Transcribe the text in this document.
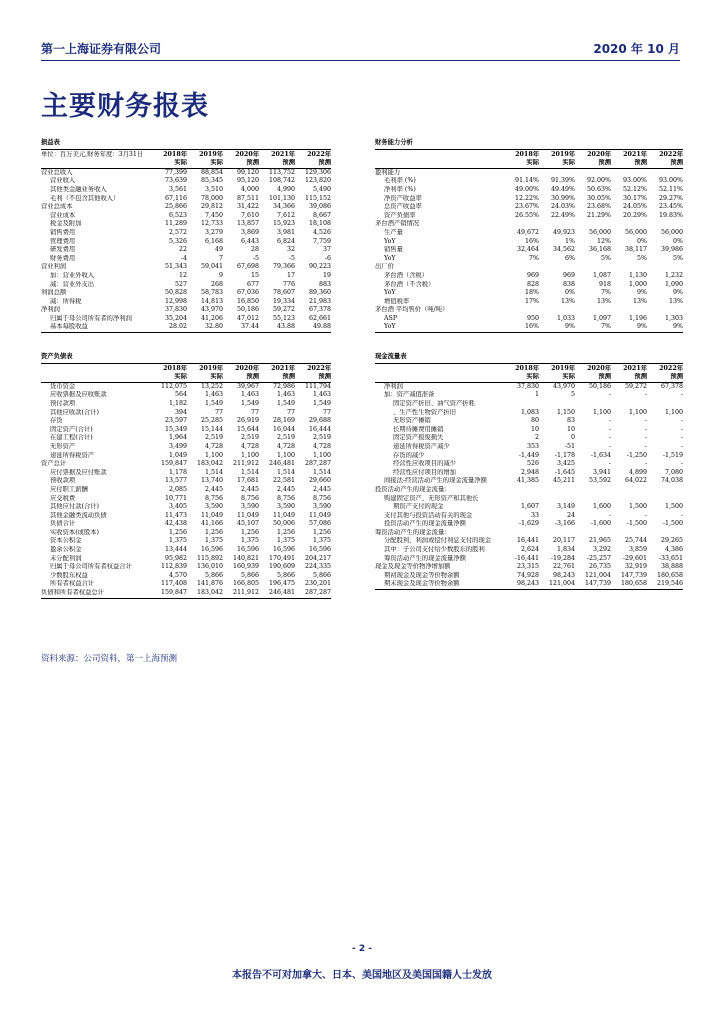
第一上海证券有限公司	2020 年 10 月
主要财务报表
损益表
单位：百万美元,财务年度：3月31日	2018年	2019年	2020年	2021年	2022年
	实际	实际	预测	预测	预测
营业总收入	77,399	88,854	99,120	113,752	129,306
营业收入	73,639	85,345	95,120	108,742	123,820
其他类金融业务收入	3,561	3,510	4,000	4,990	5,490
毛利（不包含其他收入）	67,116	78,000	87,511	101,130	115,152
营业总成本	25,866	29,812	31,422	34,366	39,086
营业成本	6,523	7,450	7,610	7,612	8,667
税金及附加	11,289	12,733	13,857	15,923	18,108
销售费用	2,572	3,279	3,869	3,981	4,526
管理费用	5,326	6,168	6,443	6,824	7,759
研发费用	22	49	28	32	37
财务费用	-4	7	-5	-5	-6
营业利润	51,343	59,041	67,698	79,366	90,223
加：营业外收入	12	9	15	17	19
减：营业外支出	527	268	677	776	883
利润总额	50,828	58,783	67,036	78,607	89,360
减：所得税	12,998	14,813	16,850	19,334	21,983
净利润	37,830	43,970	50,186	59,272	67,378
归属于母公司所有者的净利润	35,204	41,206	47,012	55,123	62,661
基本每股收益	28.02	32.80	37.44	43.88	49.88
财务能力分析
	2018年	2019年	2020年	2021年	2022年
	实际	实际	预测	预测	预测
盈利能力					
毛利率 (%)	91.14%	91.39%	92.00%	93.00%	93.00%
净利率 (%)	49.00%	49.49%	50.63%	52.12%	52.11%
净资产收益率	12.22%	30.99%	30.05%	30.17%	29.27%
总资产收益率	23.67%	24.03%	23.68%	24.05%	23.45%
资产负债率	26.55%	22.49%	21.29%	20.29%	19.83%
茅台酒产销情况					
生产量	49,672	49,923	56,000	56,000	56,000
YoY	16%	1%	12%	0%	0%
销售量	32,464	34,562	36,168	38,117	39,986
YoY	7%	6%	5%	5%	5%
出厂价					
茅台酒（含税）	969	969	1,087	1,130	1,232
茅台酒（不含税）	828	838	918	1,000	1,090
YoY	18%	0%	7%	9%	9%
增值税率	17%	13%	13%	13%	13%
茅台酒 平均售价（吨/吨）					
ASP	950	1,033	1,097	1,196	1,303
YoY	16%	9%	7%	9%	9%
资产负债表
	2018年	2019年	2020年	2021年	2022年
	实际	实际	预测	预测	预测
货币资金	112,075	13,252	39,967	72,986	111,794
应收票据及应收账款	564	1,463	1,463	1,463	1,463
预付款项	1,182	1,549	1,549	1,549	1,549
其他应收款(合计)	394	77	77	77	77
存货	23,597	25,285	26,919	28,169	29,688
固定资产(合计)	15,349	15,144	15,644	16,044	16,444
在建工程(合计)	1,964	2,519	2,519	2,519	2,519
无形资产	3,499	4,728	4,728	4,728	4,728
递延所得税资产	1,049	1,100	1,100	1,100	1,100
资产总计	159,847	183,042	211,912	246,481	287,287
应付票据及应付账款	1,178	1,514	1,514	1,514	1,514
预收款项	13,577	13,740	17,681	22,581	29,660
应付职工薪酬	2,085	2,445	2,445	2,445	2,445
应交税费	10,771	8,756	8,756	8,756	8,756
其他应付款(合计)	3,405	3,590	3,590	3,590	3,590
其他金融类流动负债	11,473	11,049	11,049	11,049	11,049
负债合计	42,438	41,166	45,107	50,006	57,086
实收资本(或股本)	1,256	1,256	1,256	1,256	1,256
资本公积金	1,375	1,375	1,375	1,375	1,375
盈余公积金	13,444	16,596	16,596	16,596	16,596
未分配利润	95,982	115,892	140,821	170,491	204,217
归属于母公司所有者权益合计	112,839	136,010	160,939	190,609	224,335
少数股东权益	4,570	5,866	5,866	5,866	5,866
所有者权益合计	117,408	141,876	166,805	196,475	230,201
负债和所有者权益总计	159,847	183,042	211,912	246,481	287,287
现金流量表
	2018年	2019年	2020年	2021年	2022年
	实际	实际	预测	预测	预测
净利润	37,830	43,970	50,186	59,272	67,378
加：资产减值准备	1	5	-	-	-
固定资产折旧、油气资产折耗					
、生产性生物资产折旧	1,083	1,150	1,100	1,100	1,100
无形资产摊销	80	83	-	-	-
长期待摊费用摊销	10	10	-	-	-
固定资产报废损失	2	0	-	-	-
递延所得税资产减少	353	-51	-	-	-
存货的减少	-1,449	-1,178	-1,634	-1,250	-1,519
经营性应收项目的减少	526	3,425	-	-	-
经营性应付项目的增加	2,948	-1,645	3,941	4,899	7,080
间接法-经营活动产生的现金流量净额	41,385	45,211	53,592	64,022	74,038
投资活动产生的现金流量：					
购建固定资产、无形资产和其他长					
期资产支付的现金	1,607	3,149	1,600	1,500	1,500
支付其他与投资活动有关的现金	33	24	-	-	-
投资活动产生的现金流量净额	-1,629	-3,166	-1,600	-1,500	-1,500
筹资活动产生的现金流量：					
分配股利、利润或偿付利息支付的现金	16,441	20,117	21,965	25,744	29,265
其中：子公司支付给少数股东的股利	2,624	1,834	3,292	3,859	4,386
筹资活动产生的现金流量净额	-16,441	-19,284	-25,257	-29,601	-33,651
现金及现金等价物净增加额	23,315	22,761	26,735	32,919	38,888
期初现金及现金等价物余额	74,928	98,243	121,004	147,739	180,658
期末现金及现金等价物余额	98,243	121,004	147,739	180,658	219,546
资料来源：公司资料，第一上海预测
- 2 -
本报告不可对加拿大、日本、美国地区及美国国籍人士发放
